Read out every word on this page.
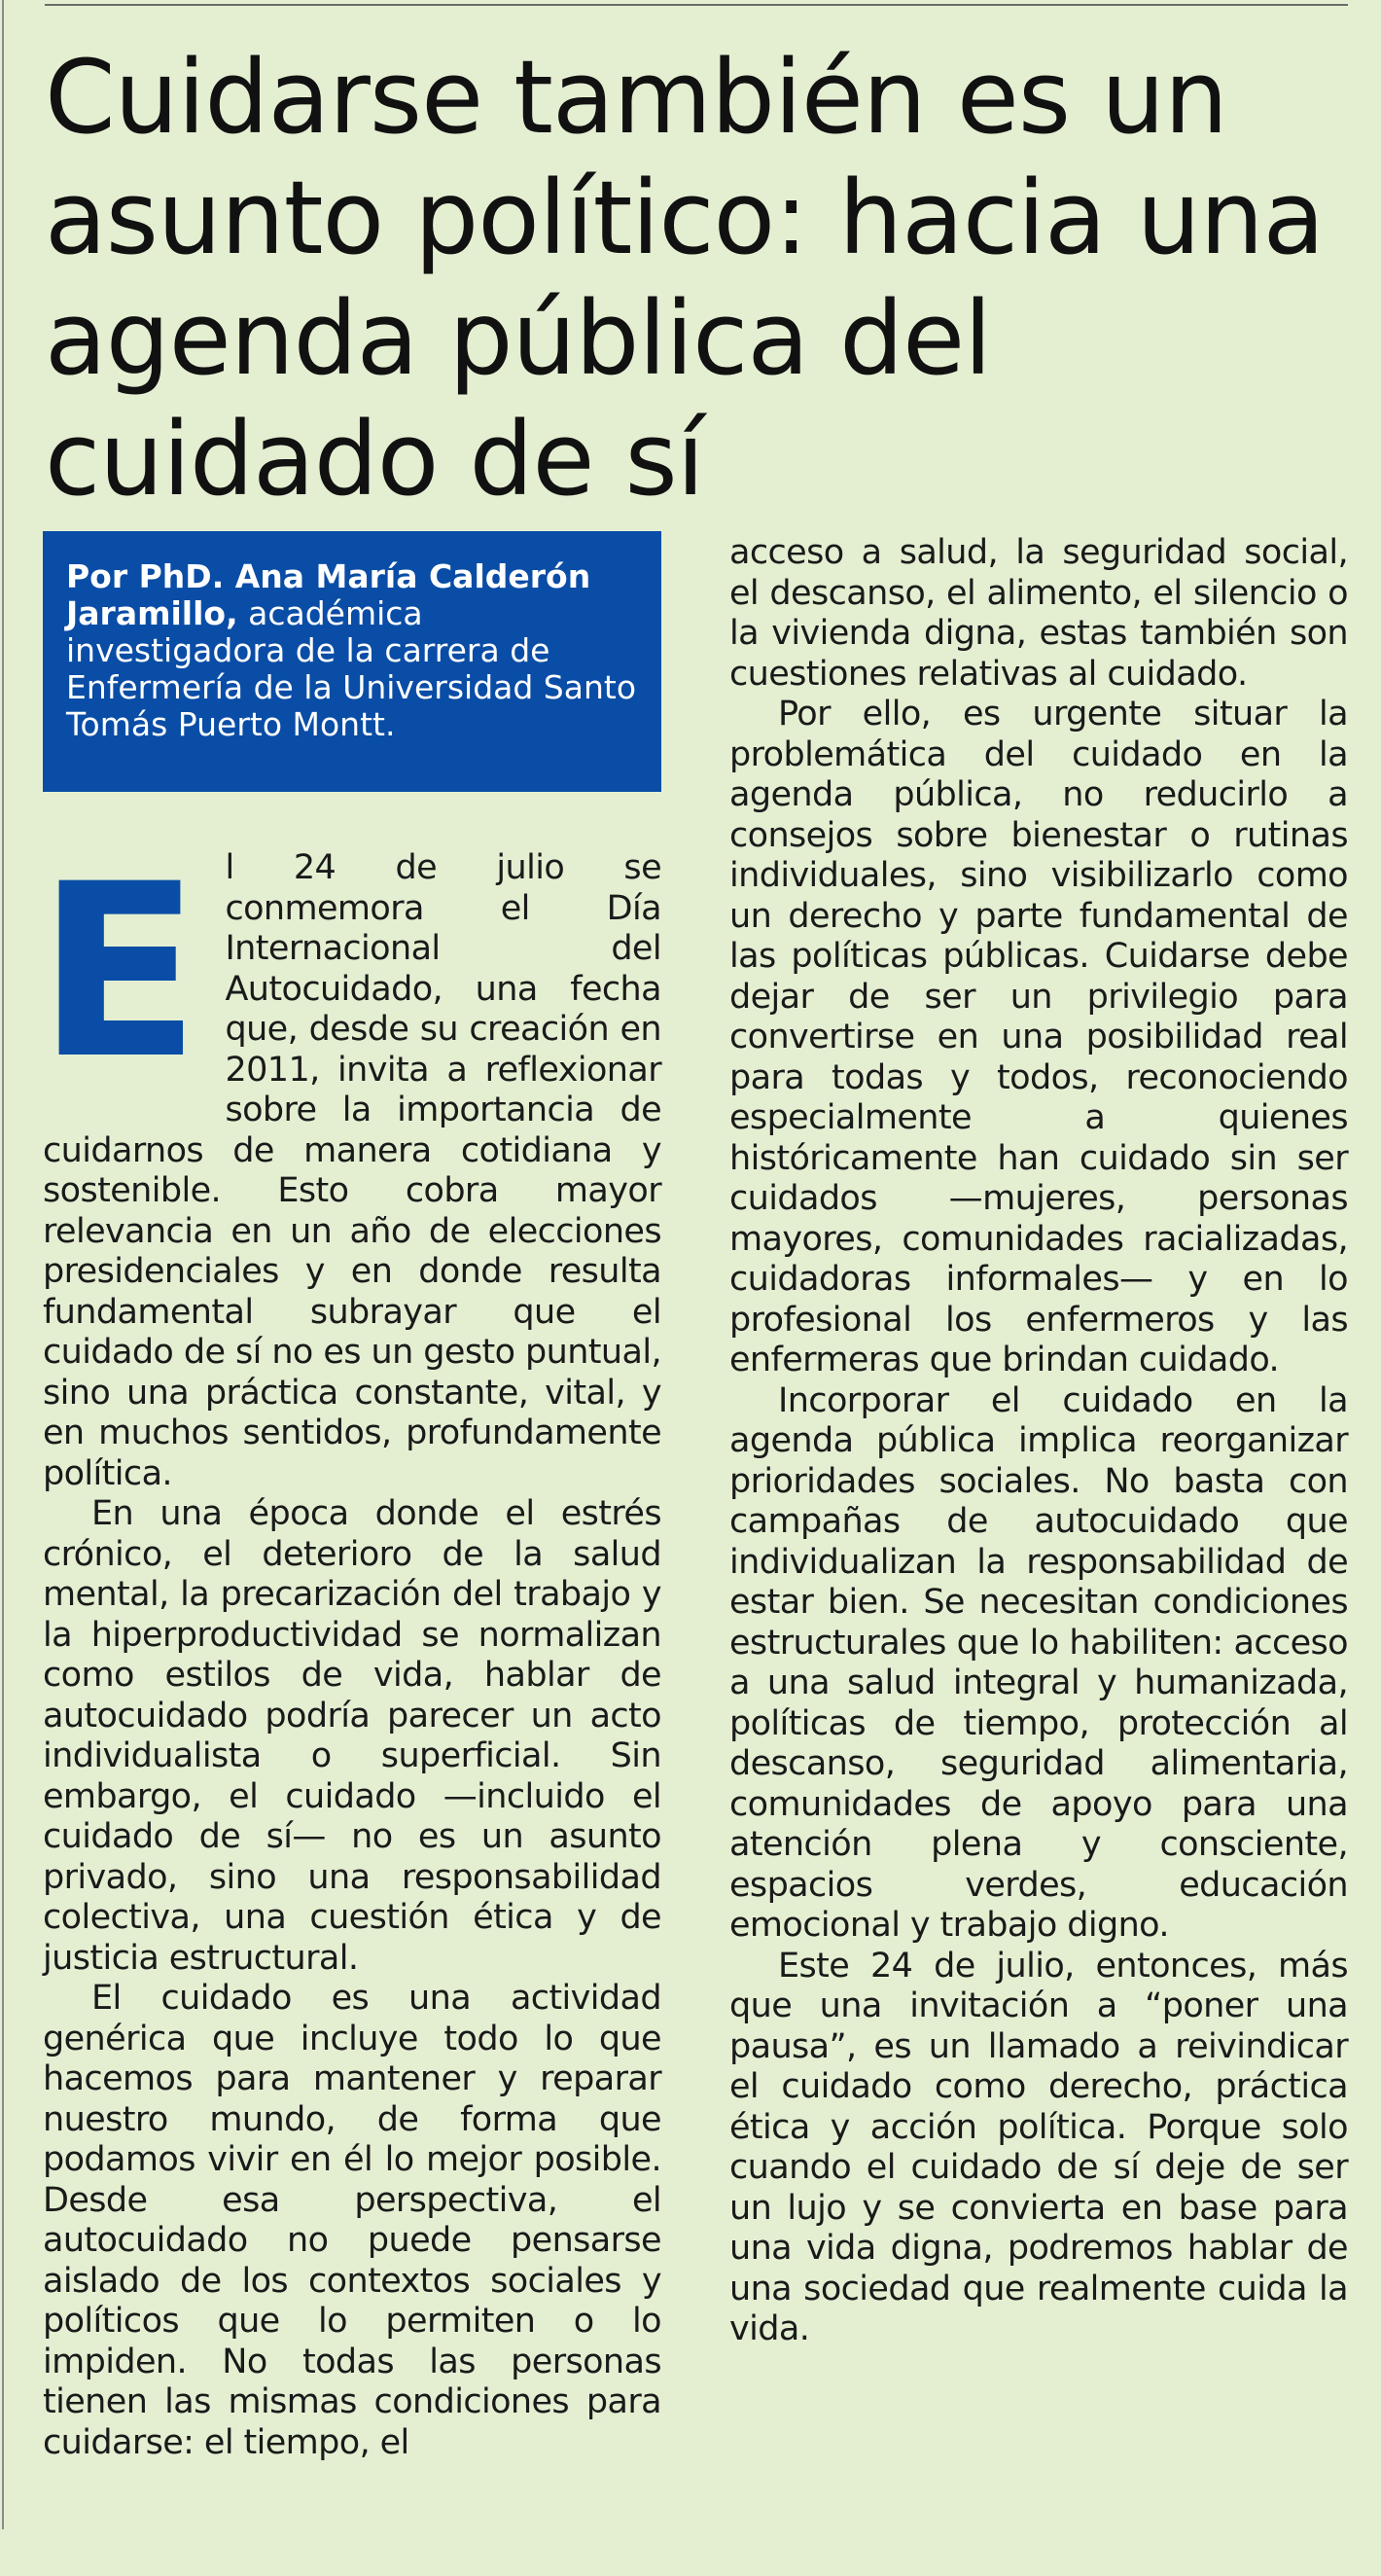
Cuidarse también es un asunto político: hacia una agenda pública del cuidado de sí
Por PhD. Ana María Calderón Jaramillo, académica investigadora de la carrera de Enfermería de la Universidad Santo Tomás Puerto Montt.
E l 24 de julio se conmemora el Día Internacional del Autocuidado, una fecha que, desde su creación en 2011, invita a reflexionar sobre la importancia de cuidarnos de manera cotidiana y sostenible. Esto cobra mayor relevancia en un año de elecciones presidenciales y en donde resulta fundamental subrayar que el cuidado de sí no es un gesto puntual, sino una práctica constante, vital, y en muchos sentidos, profundamente política.

En una época donde el estrés crónico, el deterioro de la salud mental, la precarización del trabajo y la hiperproductividad se normalizan como estilos de vida, hablar de autocuidado podría parecer un acto individualista o superficial. Sin embargo, el cuidado —incluido el cuidado de sí— no es un asunto privado, sino una responsabilidad colectiva, una cuestión ética y de justicia estructural.

El cuidado es una actividad genérica que incluye todo lo que hacemos para mantener y reparar nuestro mundo, de forma que podamos vivir en él lo mejor posible. Desde esa perspectiva, el autocuidado no puede pensarse aislado de los contextos sociales y políticos que lo permiten o lo impiden. No todas las personas tienen las mismas condiciones para cuidarse: el tiempo, el

acceso a salud, la seguridad social, el descanso, el alimento, el silencio o la vivienda digna, estas también son cuestiones relativas al cuidado.

Por ello, es urgente situar la problemática del cuidado en la agenda pública, no reducirlo a consejos sobre bienestar o rutinas individuales, sino visibilizarlo como un derecho y parte fundamental de las políticas públicas. Cuidarse debe dejar de ser un privilegio para convertirse en una posibilidad real para todas y todos, reconociendo especialmente a quienes históricamente han cuidado sin ser cuidados —mujeres, personas mayores, comunidades racializadas, cuidadoras informales— y en lo profesional los enfermeros y las enfermeras que brindan cuidado.

Incorporar el cuidado en la agenda pública implica reorganizar prioridades sociales. No basta con campañas de autocuidado que individualizan la responsabilidad de estar bien. Se necesitan condiciones estructurales que lo habiliten: acceso a una salud integral y humanizada, políticas de tiempo, protección al descanso, seguridad alimentaria, comunidades de apoyo para una atención plena y consciente, espacios verdes, educación emocional y trabajo digno.

Este 24 de julio, entonces, más que una invitación a “poner una pausa”, es un llamado a reivindicar el cuidado como derecho, práctica ética y acción política. Porque solo cuando el cuidado de sí deje de ser un lujo y se convierta en base para una vida digna, podremos hablar de una sociedad que realmente cuida la vida.
